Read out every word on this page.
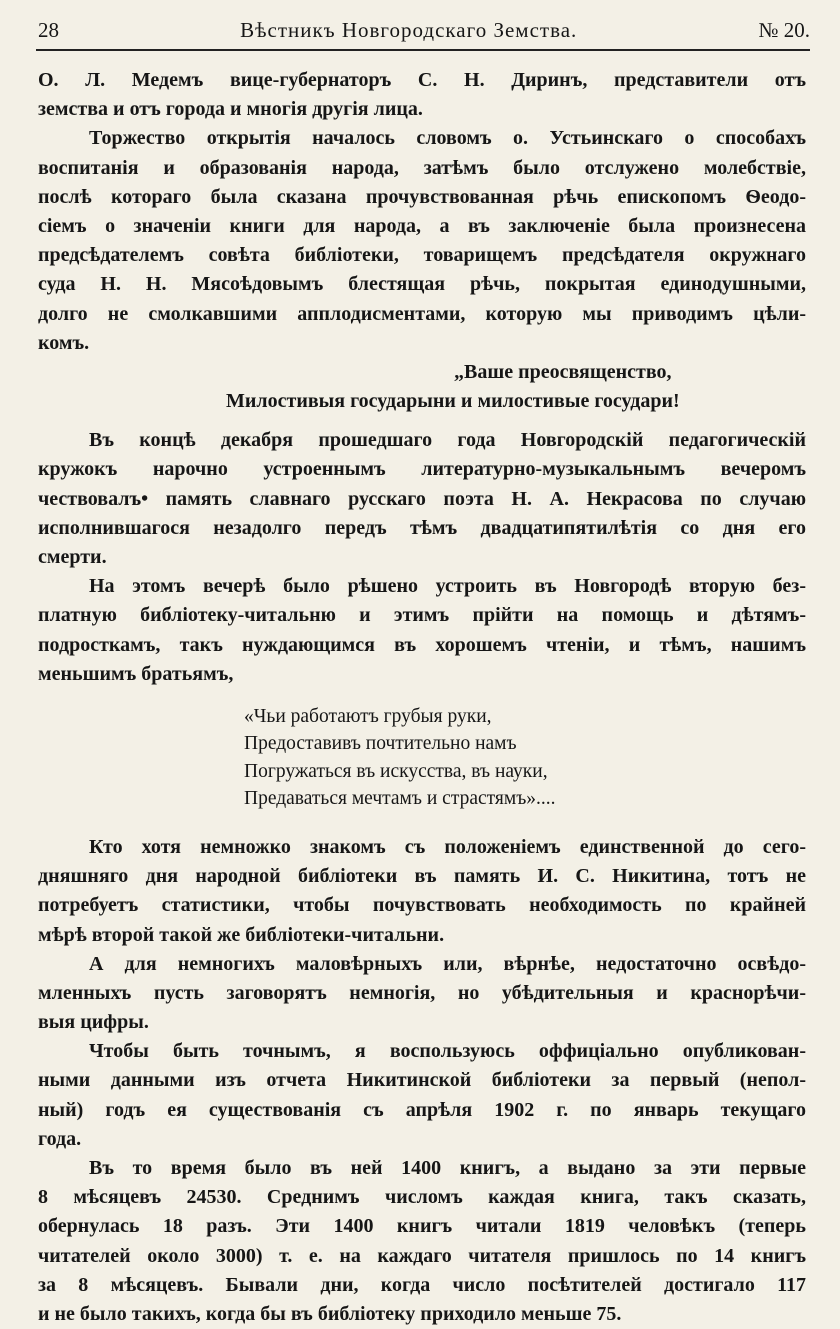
28	Вѣстникъ Новгородскаго Земства.	№ 20.
О. Л. Медемъ вице-губернаторъ С. Н. Диринъ, представители отъ
земства и отъ города и многія другія лица.
Торжество открытія началось словомъ о. Устьинскаго о способахъ
воспитанія и образованія народа, затѣмъ было отслужено молебствіе,
послѣ котораго была сказана прочувствованная рѣчь епископомъ Ѳеодо-
сіемъ о значеніи книги для народа, а въ заключеніе была произнесена
предсѣдателемъ совѣта библіотеки, товарищемъ предсѣдателя окружнаго
суда Н. Н. Мясоѣдовымъ блестящая рѣчь, покрытая единодушными,
долго не смолкавшими апплодисментами, которую мы приводимъ цѣли-
комъ.
„Ваше преосвященство,
Милостивыя государыни и милостивые государи!
Въ концѣ декабря прошедшаго года Новгородскій педагогическій
кружокъ нарочно устроеннымъ литературно-музыкальнымъ вечеромъ
чествовалъ• память славнаго русскаго поэта Н. А. Некрасова по случаю
исполнившагося незадолго передъ тѣмъ двадцатипятилѣтія со дня его
смерти.
На этомъ вечерѣ было рѣшено устроить въ Новгородѣ вторую без-
платную библіотеку-читальню и этимъ прійти на помощь и дѣтямъ-
подросткамъ, такъ нуждающимся въ хорошемъ чтеніи, и тѣмъ, нашимъ
меньшимъ братьямъ,
«Чьи работаютъ грубыя руки,
Предоставивъ почтительно намъ
Погружаться въ искусства, въ науки,
Предаваться мечтамъ и страстямъ»....
Кто хотя немножко знакомъ съ положеніемъ единственной до сего-
дняшняго дня народной библіотеки въ память И. С. Никитина, тотъ не
потребуетъ статистики, чтобы почувствовать необходимость по крайней
мѣрѣ второй такой же библіотеки-читальни.
А для немногихъ маловѣрныхъ или, вѣрнѣе, недостаточно освѣдо-
мленныхъ пусть заговорятъ немногія, но убѣдительныя и краснорѣчи-
выя цифры.
Чтобы быть точнымъ, я воспользуюсь оффиціально опубликован-
ными данными изъ отчета Никитинской библіотеки за первый (непол-
ный) годъ ея существованія съ апрѣля 1902 г. по январь текущаго
года.
Въ то время было въ ней 1400 книгъ, а выдано за эти первые
8 мѣсяцевъ 24530. Среднимъ числомъ каждая книга, такъ сказать,
обернулась 18 разъ. Эти 1400 книгъ читали 1819 человѣкъ (теперь
читателей около 3000) т. е. на каждаго читателя пришлось по 14 книгъ
за 8 мѣсяцевъ. Бывали дни, когда число посѣтителей достигало 117
и не было такихъ, когда бы въ библіотеку приходило меньше 75.
